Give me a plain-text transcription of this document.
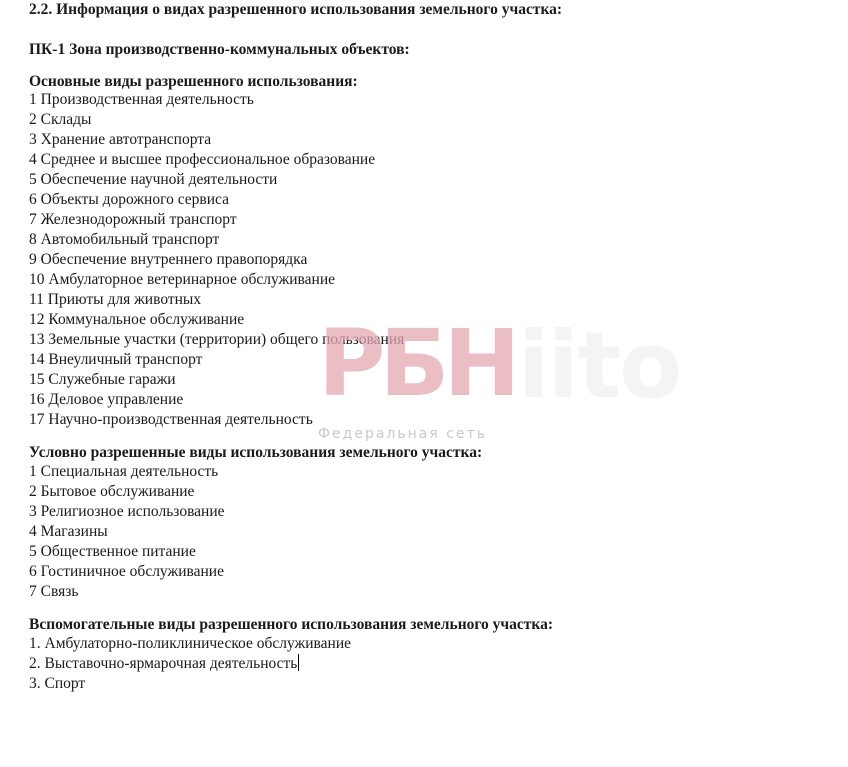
2.2. Информация о видах разрешенного использования земельного участка:
ПК-1 Зона производственно-коммунальных объектов:
Основные виды разрешенного использования:
1 Производственная деятельность
2 Склады
3 Хранение автотранспорта
4 Среднее и высшее профессиональное образование
5 Обеспечение научной деятельности
6 Объекты дорожного сервиса
7 Железнодорожный транспорт
8 Автомобильный транспорт
9 Обеспечение внутреннего правопорядка
10 Амбулаторное ветеринарное обслуживание
11 Приюты для животных
12 Коммунальное обслуживание
13 Земельные участки (территории) общего пользования
14 Внеуличный транспорт
15 Служебные гаражи
16 Деловое управление
17 Научно-производственная деятельность
Условно разрешенные виды использования земельного участка:
1 Специальная деятельность
2 Бытовое обслуживание
3 Религиозное использование
4 Магазины
5 Общественное питание
6 Гостиничное обслуживание
7 Связь
Вспомогательные виды разрешенного использования земельного участка:
1. Амбулаторно-поликлиническое обслуживание
2. Выставочно-ярмарочная деятельность
3. Спорт
iito
РБН
Федеральная сеть
